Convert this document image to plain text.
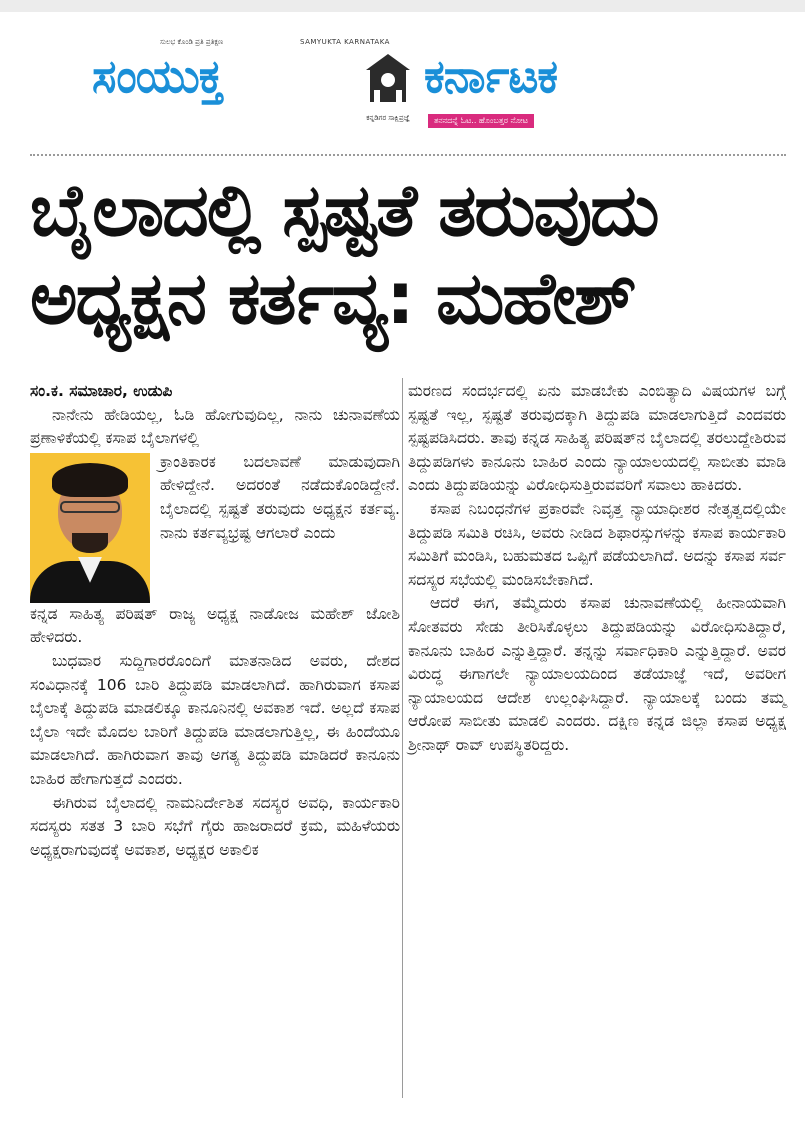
ಸುಲಭ ಕೊಂಡಿ ಪ್ರತಿ ಪ್ರತಿಕ್ಷಣ	SAMYUKTA KARNATAKA
ಸಂಯುಕ್ತ
ಕನ್ನಡಿಗರ ಸಾಕ್ಷಿಪ್ರಜ್ಞೆ
ಕರ್ನಾಟಕ
ತನನದನ್ನೆ ಓಟ.. ಹೊಂಬತ್ತರ ನೋಟ
ಬೈಲಾದಲ್ಲಿ ಸ್ಪಷ್ಟತೆ ತರುವುದು
ಅಧ್ಯಕ್ಷನ ಕರ್ತವ್ಯ: ಮಹೇಶ್

ಸಂ.ಕ. ಸಮಾಚಾರ, ಉಡುಪಿ

ನಾನೇನು ಹೇಡಿಯಲ್ಲ, ಓಡಿ ಹೋಗುವುದಿಲ್ಲ, ನಾನು ಚುನಾವಣೆಯ ಪ್ರಣಾಳಿಕೆಯಲ್ಲಿ ಕಸಾಪ ಬೈಲಾಗಳಲ್ಲಿ

ಕ್ರಾಂತಿಕಾರಕ ಬದಲಾವಣೆ ಮಾಡುವುದಾಗಿ ಹೇಳಿದ್ದೇನೆ. ಅದರಂತೆ ನಡೆದುಕೊಂಡಿದ್ದೇನೆ. ಬೈಲಾದಲ್ಲಿ ಸ್ಪಷ್ಟತೆ ತರುವುದು ಅಧ್ಯಕ್ಷನ ಕರ್ತವ್ಯ. ನಾನು ಕರ್ತವ್ಯಭ್ರಷ್ಟ ಆಗಲಾರೆ ಎಂದು

ಕನ್ನಡ ಸಾಹಿತ್ಯ ಪರಿಷತ್ ರಾಜ್ಯ ಅಧ್ಯಕ್ಷ ನಾಡೋಜ ಮಹೇಶ್ ಜೋಶಿ ಹೇಳಿದರು.

ಬುಧವಾರ ಸುದ್ದಿಗಾರರೊಂದಿಗೆ ಮಾತನಾಡಿದ ಅವರು, ದೇಶದ ಸಂವಿಧಾನಕ್ಕೆ 106 ಬಾರಿ ತಿದ್ದುಪಡಿ ಮಾಡಲಾಗಿದೆ. ಹಾಗಿರುವಾಗ ಕಸಾಪ ಬೈಲಾಕ್ಕೆ ತಿದ್ದುಪಡಿ ಮಾಡಲಿಕ್ಕೂ ಕಾನೂನಿನಲ್ಲಿ ಅವಕಾಶ ಇದೆ. ಅಲ್ಲದೆ ಕಸಾಪ ಬೈಲಾ ಇದೇ ಮೊದಲ ಬಾರಿಗೆ ತಿದ್ದುಪಡಿ ಮಾಡಲಾಗುತ್ತಿಲ್ಲ, ಈ ಹಿಂದೆಯೂ ಮಾಡಲಾಗಿದೆ. ಹಾಗಿರುವಾಗ ತಾವು ಅಗತ್ಯ ತಿದ್ದುಪಡಿ ಮಾಡಿದರೆ ಕಾನೂನು ಬಾಹಿರ ಹೇಗಾಗುತ್ತದೆ ಎಂದರು.

ಈಗಿರುವ ಬೈಲಾದಲ್ಲಿ ನಾಮನಿರ್ದೇಶಿತ ಸದಸ್ಯರ ಅವಧಿ, ಕಾರ್ಯಕಾರಿ ಸದಸ್ಯರು ಸತತ 3 ಬಾರಿ ಸಭೆಗೆ ಗೈರು ಹಾಜರಾದರೆ ಕ್ರಮ, ಮಹಿಳೆಯರು ಅಧ್ಯಕ್ಷರಾಗುವುದಕ್ಕೆ ಅವಕಾಶ, ಅಧ್ಯಕ್ಷರ ಅಕಾಲಿಕ

ಮರಣದ ಸಂದರ್ಭದಲ್ಲಿ ಏನು ಮಾಡಬೇಕು ಎಂಬಿತ್ಯಾದಿ ವಿಷಯಗಳ ಬಗ್ಗೆ ಸ್ಪಷ್ಟತೆ ಇಲ್ಲ, ಸ್ಪಷ್ಟತೆ ತರುವುದಕ್ಕಾಗಿ ತಿದ್ದುಪಡಿ ಮಾಡಲಾಗುತ್ತಿದೆ ಎಂದವರು ಸ್ಪಷ್ಟಪಡಿಸಿದರು. ತಾವು ಕನ್ನಡ ಸಾಹಿತ್ಯ ಪರಿಷತ್‌ನ ಬೈಲಾದಲ್ಲಿ ತರಲುದ್ದೇಶಿರುವ ತಿದ್ದುಪಡಿಗಳು ಕಾನೂನು ಬಾಹಿರ ಎಂದು ನ್ಯಾಯಾಲಯದಲ್ಲಿ ಸಾಬೀತು ಮಾಡಿ ಎಂದು ತಿದ್ದುಪಡಿಯನ್ನು ವಿರೋಧಿಸುತ್ತಿರುವವರಿಗೆ ಸವಾಲು ಹಾಕಿದರು.

ಕಸಾಪ ನಿಬಂಧನೆಗಳ ಪ್ರಕಾರವೇ ನಿವೃತ್ತ ನ್ಯಾಯಾಧೀಶರ ನೇತೃತ್ವದಲ್ಲಿಯೇ ತಿದ್ದುಪಡಿ ಸಮಿತಿ ರಚಿಸಿ, ಅವರು ನೀಡಿದ ಶಿಫಾರಸ್ಸುಗಳನ್ನು ಕಸಾಪ ಕಾರ್ಯಕಾರಿ ಸಮಿತಿಗೆ ಮಂಡಿಸಿ, ಬಹುಮತದ ಒಪ್ಪಿಗೆ ಪಡೆಯಲಾಗಿದೆ. ಅದನ್ನು ಕಸಾಪ ಸರ್ವ ಸದಸ್ಯರ ಸಭೆಯಲ್ಲಿ ಮಂಡಿಸಬೇಕಾಗಿದೆ.

ಆದರೆ ಈಗ, ತಮ್ಮೆದುರು ಕಸಾಪ ಚುನಾವಣೆಯಲ್ಲಿ ಹೀನಾಯವಾಗಿ ಸೋತವರು ಸೇಡು ತೀರಿಸಿಕೊಳ್ಳಲು ತಿದ್ದುಪಡಿಯನ್ನು ವಿರೋಧಿಸುತಿದ್ದಾರೆ, ಕಾನೂನು ಬಾಹಿರ ಎನ್ನುತ್ತಿದ್ದಾರೆ. ತನ್ನನ್ನು ಸರ್ವಾಧಿಕಾರಿ ಎನ್ನುತ್ತಿದ್ದಾರೆ. ಅವರ ವಿರುದ್ಧ ಈಗಾಗಲೇ ನ್ಯಾಯಾಲಯದಿಂದ ತಡೆಯಾಜ್ಞೆ ಇದೆ, ಅವರೀಗ ನ್ಯಾಯಾಲಯದ ಆದೇಶ ಉಲ್ಲಂಘಿಸಿದ್ದಾರೆ. ನ್ಯಾಯಾಲಕ್ಕೆ ಬಂದು ತಮ್ಮ ಆರೋಪ ಸಾಬೀತು ಮಾಡಲಿ ಎಂದರು. ದಕ್ಷಿಣ ಕನ್ನಡ ಜಿಲ್ಲಾ ಕಸಾಪ ಅಧ್ಯಕ್ಷ ಶ್ರೀನಾಥ್ ರಾವ್ ಉಪಸ್ಥಿತರಿದ್ದರು.
